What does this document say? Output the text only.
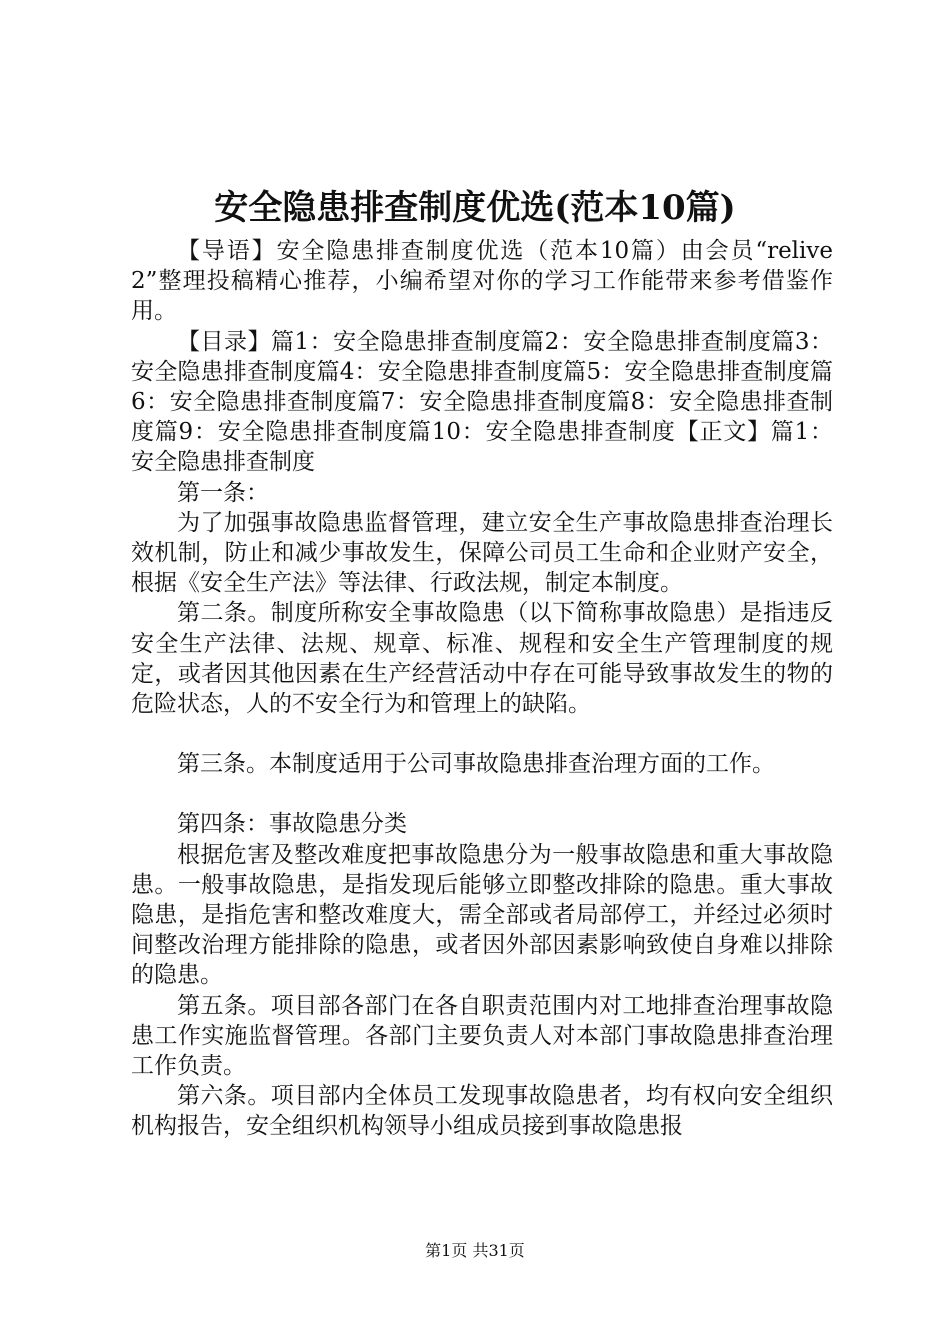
安全隐患排查制度优选(范本10篇)

【导语】安全隐患排查制度优选（范本10篇）由会员“relive2”整理投稿精心推荐，小编希望对你的学习工作能带来参考借鉴作用。

【目录】篇1：安全隐患排查制度篇2：安全隐患排查制度篇3：安全隐患排查制度篇4：安全隐患排查制度篇5：安全隐患排查制度篇6：安全隐患排查制度篇7：安全隐患排查制度篇8：安全隐患排查制度篇9：安全隐患排查制度篇10：安全隐患排查制度【正文】篇1：安全隐患排查制度

第一条：

为了加强事故隐患监督管理，建立安全生产事故隐患排查治理长效机制，防止和减少事故发生，保障公司员工生命和企业财产安全，根据《安全生产法》等法律、行政法规，制定本制度。

第二条。制度所称安全事故隐患（以下简称事故隐患）是指违反安全生产法律、法规、规章、标准、规程和安全生产管理制度的规定，或者因其他因素在生产经营活动中存在可能导致事故发生的物的危险状态，人的不安全行为和管理上的缺陷。

第三条。本制度适用于公司事故隐患排查治理方面的工作。

第四条：事故隐患分类

根据危害及整改难度把事故隐患分为一般事故隐患和重大事故隐患。一般事故隐患，是指发现后能够立即整改排除的隐患。重大事故隐患，是指危害和整改难度大，需全部或者局部停工，并经过必须时间整改治理方能排除的隐患，或者因外部因素影响致使自身难以排除的隐患。

第五条。项目部各部门在各自职责范围内对工地排查治理事故隐患工作实施监督管理。各部门主要负责人对本部门事故隐患排查治理工作负责。

第六条。项目部内全体员工发现事故隐患者，均有权向安全组织机构报告，安全组织机构领导小组成员接到事故隐患报

第1页 共31页
